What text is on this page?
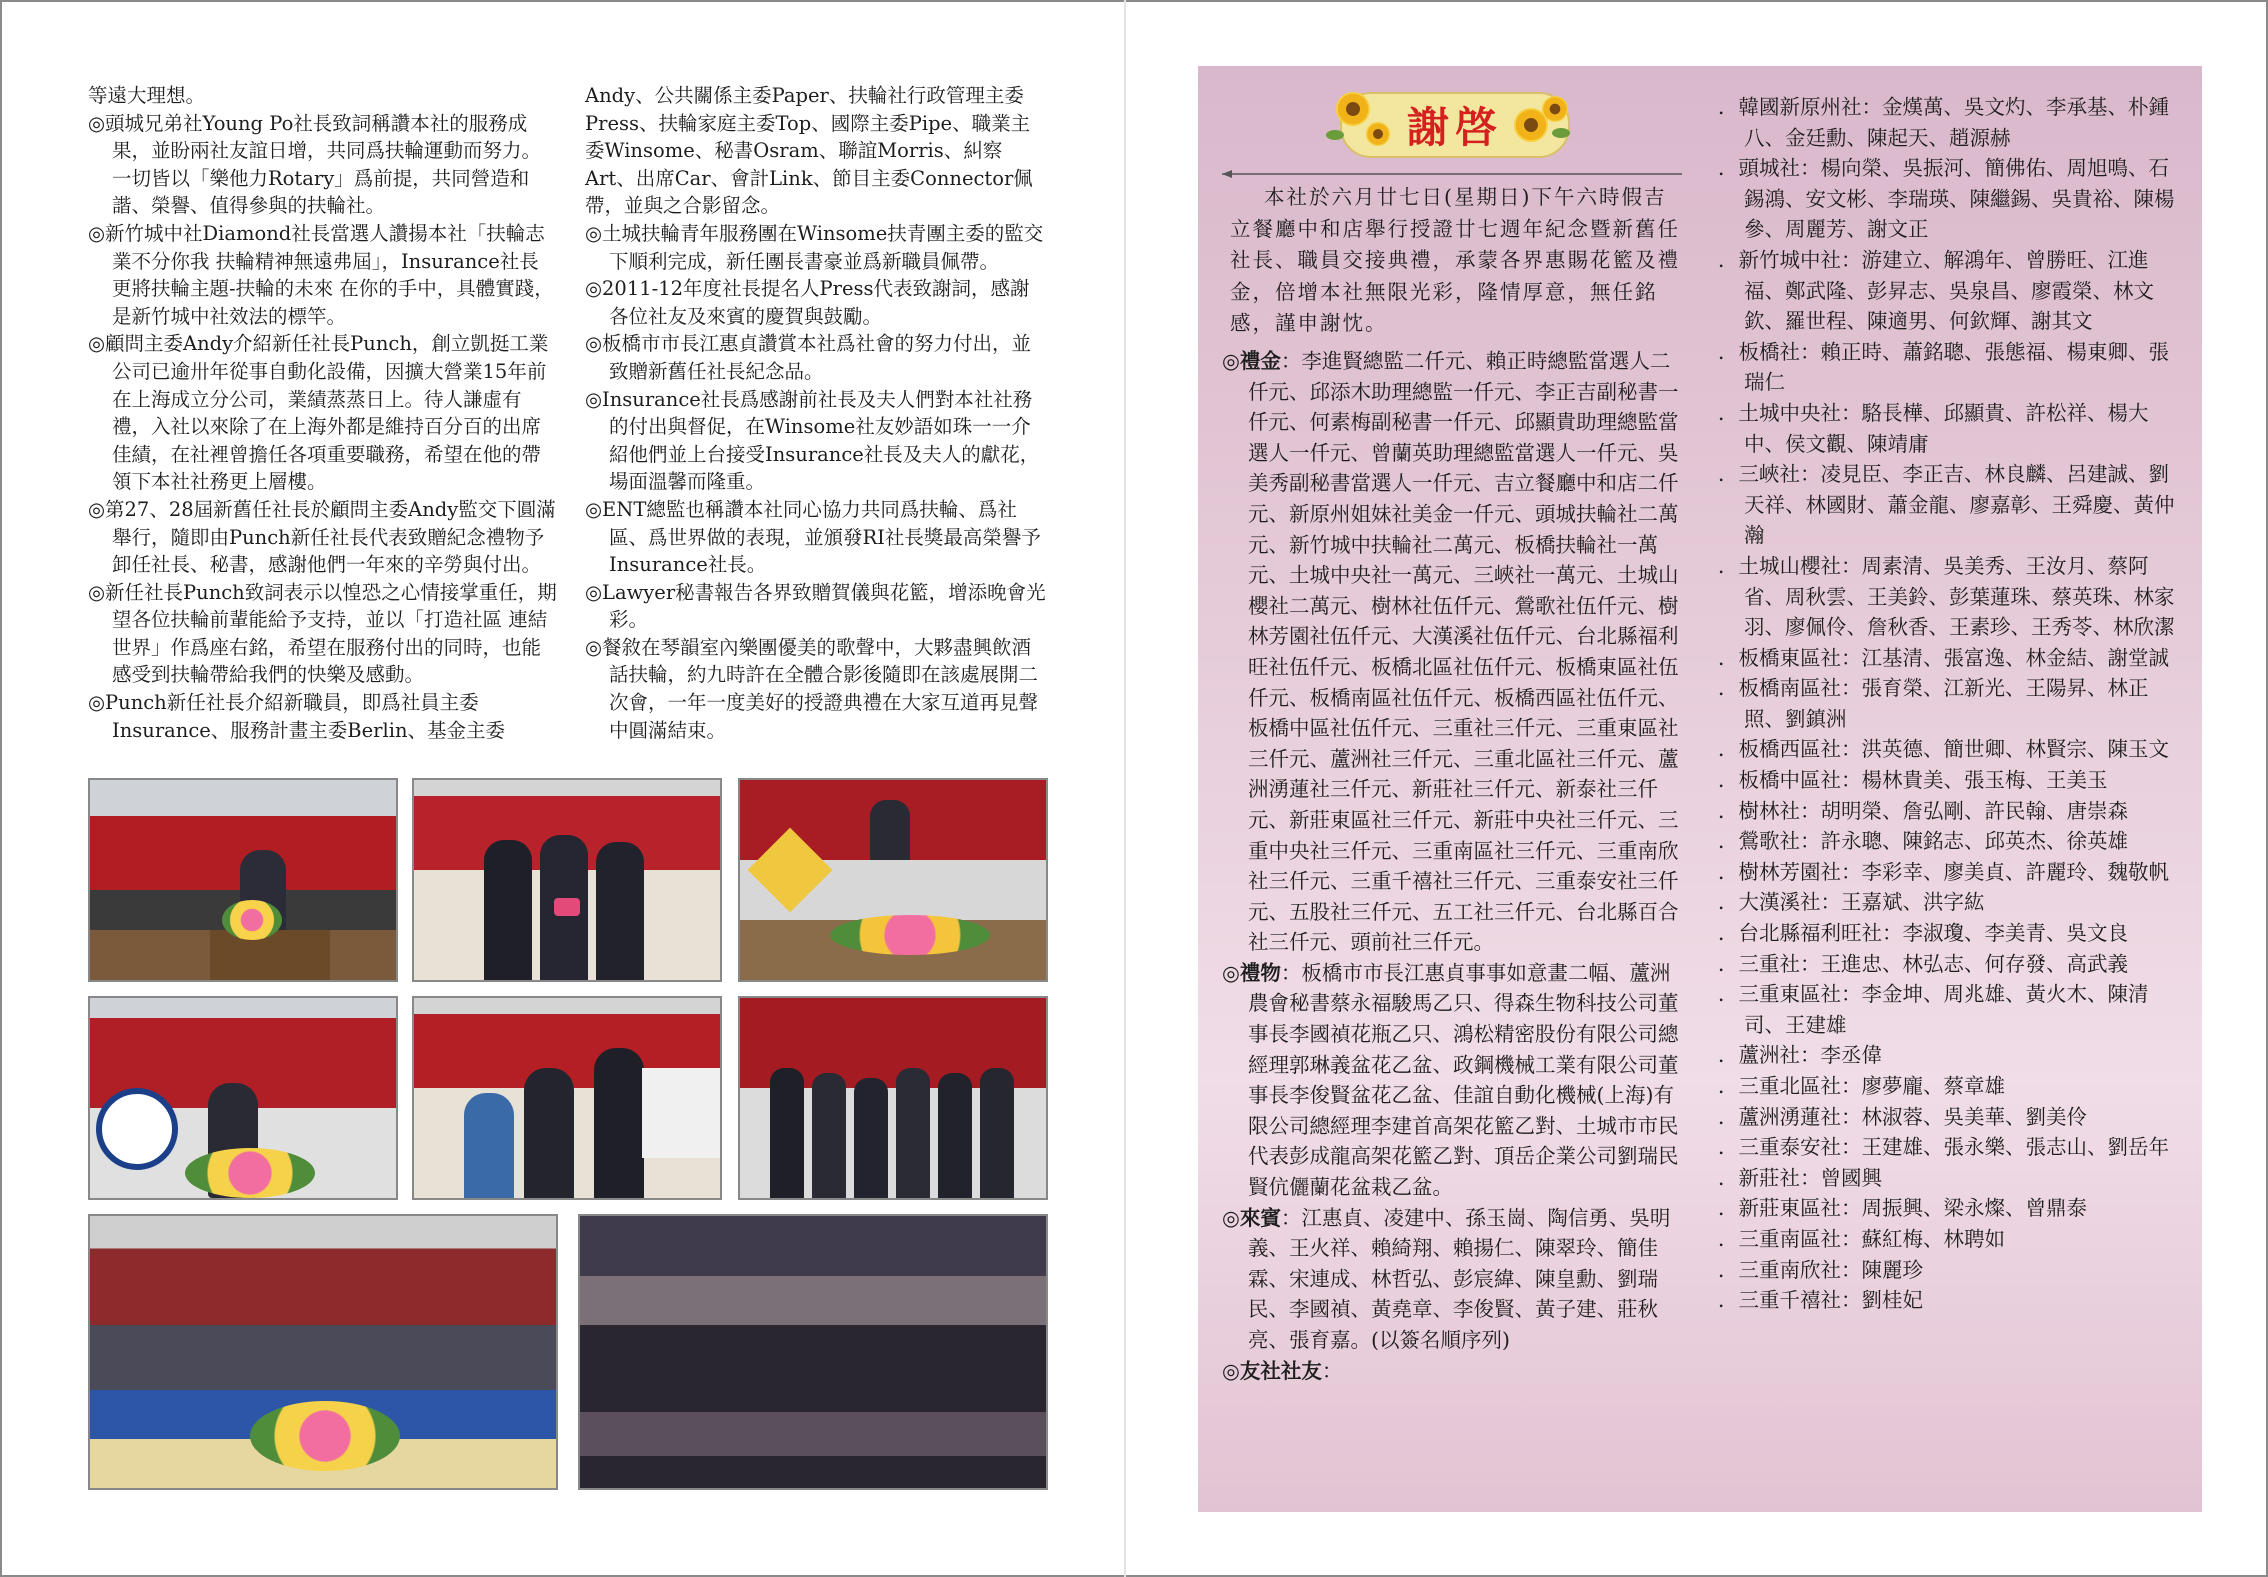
等遠大理想。

◎頭城兄弟社Young Po社長致詞稱讚本社的服務成果，並盼兩社友誼日增，共同爲扶輪運動而努力。一切皆以「樂他力Rotary」爲前提，共同營造和諧、榮譽、值得參與的扶輪社。

◎新竹城中社Diamond社長當選人讚揚本社「扶輪志業不分你我 扶輪精神無遠弗屆」，Insurance社長更將扶輪主題-扶輪的未來 在你的手中，具體實踐，是新竹城中社效法的標竿。

◎顧問主委Andy介紹新任社長Punch，創立凱挺工業公司已逾卅年從事自動化設備，因擴大營業15年前在上海成立分公司，業績蒸蒸日上。待人謙虛有禮，入社以來除了在上海外都是維持百分百的出席佳績，在社裡曾擔任各項重要職務，希望在他的帶領下本社社務更上層樓。

◎第27、28屆新舊任社長於顧問主委Andy監交下圓滿舉行，隨即由Punch新任社長代表致贈紀念禮物予卸任社長、秘書，感謝他們一年來的辛勞與付出。

◎新任社長Punch致詞表示以惶恐之心情接掌重任，期望各位扶輪前輩能給予支持，並以「打造社區 連結世界」作爲座右銘，希望在服務付出的同時，也能感受到扶輪帶給我們的快樂及感動。

◎Punch新任社長介紹新職員，即爲社員主委Insurance、服務計畫主委Berlin、基金主委

Andy、公共關係主委Paper、扶輪社行政管理主委Press、扶輪家庭主委Top、國際主委Pipe、職業主委Winsome、秘書Osram、聯誼Morris、糾察Art、出席Car、會計Link、節目主委Connector佩帶，並與之合影留念。

◎土城扶輪青年服務團在Winsome扶青團主委的監交下順利完成，新任團長書豪並爲新職員佩帶。

◎2011-12年度社長提名人Press代表致謝詞，感謝各位社友及來賓的慶賀與鼓勵。

◎板橋市市長江惠貞讚賞本社爲社會的努力付出，並致贈新舊任社長紀念品。

◎Insurance社長爲感謝前社長及夫人們對本社社務的付出與督促，在Winsome社友妙語如珠一一介紹他們並上台接受Insurance社長及夫人的獻花，場面溫馨而隆重。

◎ENT總監也稱讚本社同心協力共同爲扶輪、爲社區、爲世界做的表現，並頒發RI社長獎最高榮譽予Insurance社長。

◎Lawyer秘書報告各界致贈賀儀與花籃，增添晚會光彩。

◎餐敘在琴韻室內樂團優美的歌聲中，大夥盡興飲酒話扶輪，約九時許在全體合影後隨即在該處展開二次會，一年一度美好的授證典禮在大家互道再見聲中圓滿結束。

謝啓

本社於六月廿七日(星期日)下午六時假吉立餐廳中和店舉行授證廿七週年紀念暨新舊任社長、職員交接典禮，承蒙各界惠賜花籃及禮金，倍增本社無限光彩，隆情厚意，無任銘感，謹申謝忱。

◎禮金：李進賢總監二仟元、賴正時總監當選人二仟元、邱添木助理總監一仟元、李正吉副秘書一仟元、何素梅副秘書一仟元、邱顯貴助理總監當選人一仟元、曾蘭英助理總監當選人一仟元、吳美秀副秘書當選人一仟元、吉立餐廳中和店二仟元、新原州姐妹社美金一仟元、頭城扶輪社二萬元、新竹城中扶輪社二萬元、板橋扶輪社一萬元、土城中央社一萬元、三峽社一萬元、土城山櫻社二萬元、樹林社伍仟元、鶯歌社伍仟元、樹林芳園社伍仟元、大漢溪社伍仟元、台北縣福利旺社伍仟元、板橋北區社伍仟元、板橋東區社伍仟元、板橋南區社伍仟元、板橋西區社伍仟元、板橋中區社伍仟元、三重社三仟元、三重東區社三仟元、蘆洲社三仟元、三重北區社三仟元、蘆洲湧蓮社三仟元、新莊社三仟元、新泰社三仟元、新莊東區社三仟元、新莊中央社三仟元、三重中央社三仟元、三重南區社三仟元、三重南欣社三仟元、三重千禧社三仟元、三重泰安社三仟元、五股社三仟元、五工社三仟元、台北縣百合社三仟元、頭前社三仟元。

◎禮物：板橋市市長江惠貞事事如意畫二幅、蘆洲農會秘書蔡永福駿馬乙只、得森生物科技公司董事長李國禎花瓶乙只、鴻松精密股份有限公司總經理郭琳義盆花乙盆、政鋼機械工業有限公司董事長李俊賢盆花乙盆、佳誼自動化機械(上海)有限公司總經理李建首高架花籃乙對、土城市市民代表彭成龍高架花籃乙對、頂岳企業公司劉瑞民賢伉儷蘭花盆栽乙盆。

◎來賓：江惠貞、凌建中、孫玉崗、陶信勇、吳明義、王火祥、賴綺翔、賴揚仁、陳翠玲、簡佳霖、宋連成、林哲弘、彭宸緯、陳皇勳、劉瑞民、李國禎、黃堯章、李俊賢、黃子建、莊秋亮、張育嘉。(以簽名順序列)

◎友社社友：

．韓國新原州社：金熯萬、吳文灼、李承基、朴鍾八、金廷勳、陳起天、趙源赫

．頭城社：楊向榮、吳振河、簡佛佑、周旭鳴、石錫鴻、安文彬、李瑞瑛、陳繼錫、吳貴裕、陳楊參、周麗芳、謝文正

．新竹城中社：游建立、解鴻年、曾勝旺、江進福、鄭武隆、彭昇志、吳泉昌、廖霞榮、林文欽、羅世程、陳適男、何欽輝、謝其文

．板橋社：賴正時、蕭銘聰、張態福、楊東卿、張瑞仁

．土城中央社：駱長樺、邱顯貴、許松祥、楊大中、侯文觀、陳靖庸

．三峽社：凌見臣、李正吉、林良麟、呂建誠、劉天祥、林國財、蕭金龍、廖嘉彰、王舜慶、黃仲瀚

．土城山櫻社：周素清、吳美秀、王汝月、蔡阿省、周秋雲、王美鈴、彭葉蓮珠、蔡英珠、林家羽、廖佩伶、詹秋香、王素珍、王秀苓、林欣潔

．板橋東區社：江基清、張富逸、林金結、謝堂誠

．板橋南區社：張育榮、江新光、王陽昇、林正照、劉鎮洲

．板橋西區社：洪英德、簡世卿、林賢宗、陳玉文

．板橋中區社：楊林貴美、張玉梅、王美玉

．樹林社：胡明榮、詹弘剛、許民翰、唐崇森

．鶯歌社：許永聰、陳銘志、邱英杰、徐英雄

．樹林芳園社：李彩幸、廖美貞、許麗玲、魏敬帆

．大漢溪社：王嘉斌、洪字紘

．台北縣福利旺社：李淑瓊、李美青、吳文良

．三重社：王進忠、林弘志、何存發、高武義

．三重東區社：李金坤、周兆雄、黃火木、陳清司、王建雄

．蘆洲社：李丞偉

．三重北區社：廖夢龐、蔡章雄

．蘆洲湧蓮社：林淑蓉、吳美華、劉美伶

．三重泰安社：王建雄、張永樂、張志山、劉岳年

．新莊社：曾國興

．新莊東區社：周振興、梁永燦、曾鼎泰

．三重南區社：蘇紅梅、林聘如

．三重南欣社：陳麗珍

．三重千禧社：劉桂妃
